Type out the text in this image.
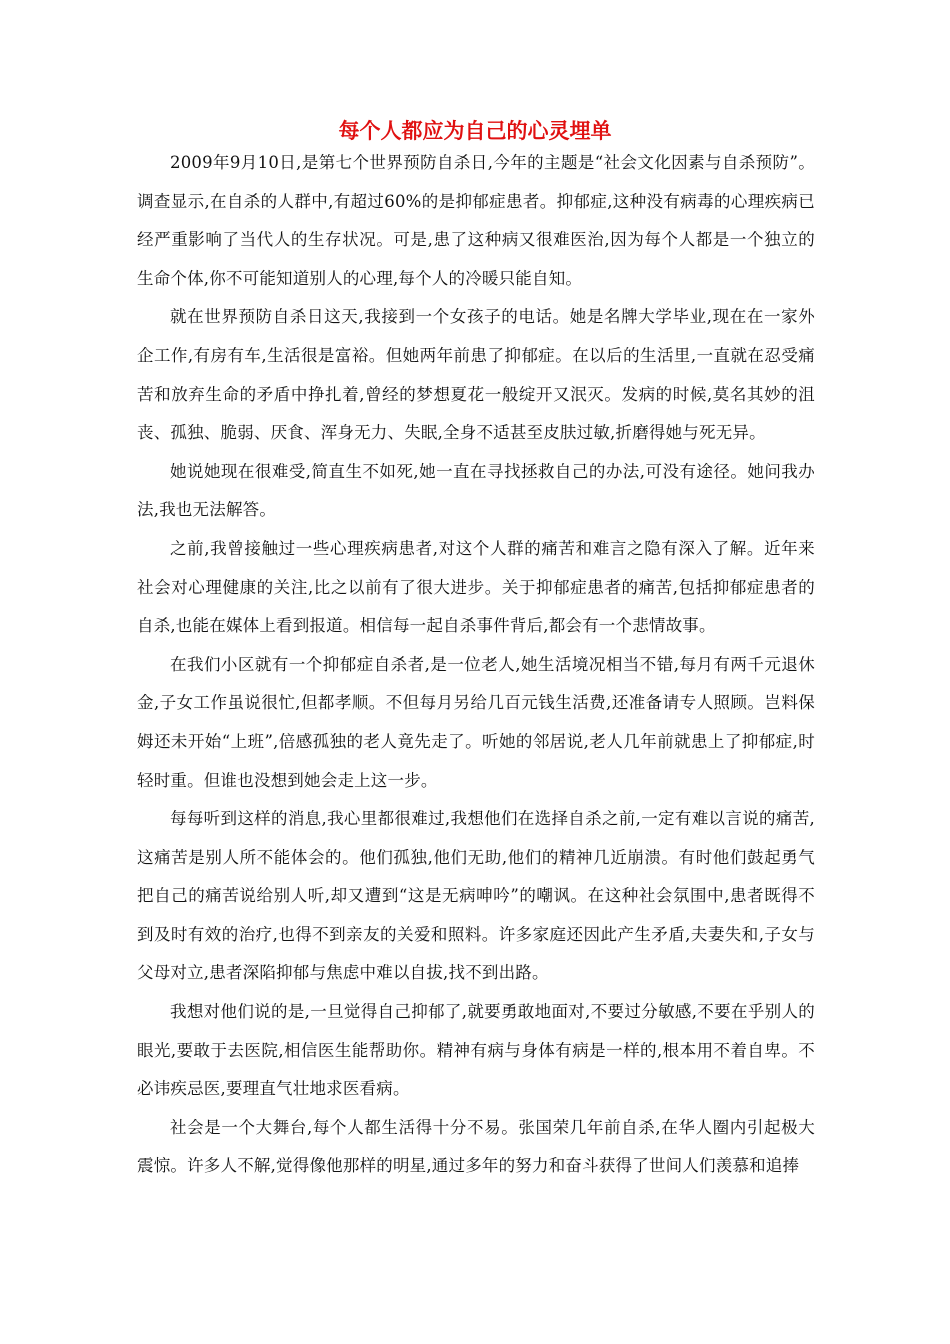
每个人都应为自己的心灵埋单

2009年9月10日,是第七个世界预防自杀日,今年的主题是“社会文化因素与自杀预防”。调查显示,在自杀的人群中,有超过60%的是抑郁症患者。抑郁症,这种没有病毒的心理疾病已经严重影响了当代人的生存状况。可是,患了这种病又很难医治,因为每个人都是一个独立的生命个体,你不可能知道别人的心理,每个人的冷暖只能自知。

就在世界预防自杀日这天,我接到一个女孩子的电话。她是名牌大学毕业,现在在一家外企工作,有房有车,生活很是富裕。但她两年前患了抑郁症。在以后的生活里,一直就在忍受痛苦和放弃生命的矛盾中挣扎着,曾经的梦想夏花一般绽开又泯灭。发病的时候,莫名其妙的沮丧、孤独、脆弱、厌食、浑身无力、失眠,全身不适甚至皮肤过敏,折磨得她与死无异。

她说她现在很难受,简直生不如死,她一直在寻找拯救自己的办法,可没有途径。她问我办法,我也无法解答。

之前,我曾接触过一些心理疾病患者,对这个人群的痛苦和难言之隐有深入了解。近年来社会对心理健康的关注,比之以前有了很大进步。关于抑郁症患者的痛苦,包括抑郁症患者的自杀,也能在媒体上看到报道。相信每一起自杀事件背后,都会有一个悲情故事。

在我们小区就有一个抑郁症自杀者,是一位老人,她生活境况相当不错,每月有两千元退休金,子女工作虽说很忙,但都孝顺。不但每月另给几百元钱生活费,还准备请专人照顾。岂料保姆还未开始“上班”,倍感孤独的老人竟先走了。听她的邻居说,老人几年前就患上了抑郁症,时轻时重。但谁也没想到她会走上这一步。

每每听到这样的消息,我心里都很难过,我想他们在选择自杀之前,一定有难以言说的痛苦,这痛苦是别人所不能体会的。他们孤独,他们无助,他们的精神几近崩溃。有时他们鼓起勇气把自己的痛苦说给别人听,却又遭到“这是无病呻吟”的嘲讽。在这种社会氛围中,患者既得不到及时有效的治疗,也得不到亲友的关爱和照料。许多家庭还因此产生矛盾,夫妻失和,子女与父母对立,患者深陷抑郁与焦虑中难以自拔,找不到出路。

我想对他们说的是,一旦觉得自己抑郁了,就要勇敢地面对,不要过分敏感,不要在乎别人的眼光,要敢于去医院,相信医生能帮助你。精神有病与身体有病是一样的,根本用不着自卑。不必讳疾忌医,要理直气壮地求医看病。

社会是一个大舞台,每个人都生活得十分不易。张国荣几年前自杀,在华人圈内引起极大震惊。许多人不解,觉得像他那样的明星,通过多年的努力和奋斗获得了世间人们羡慕和追捧
